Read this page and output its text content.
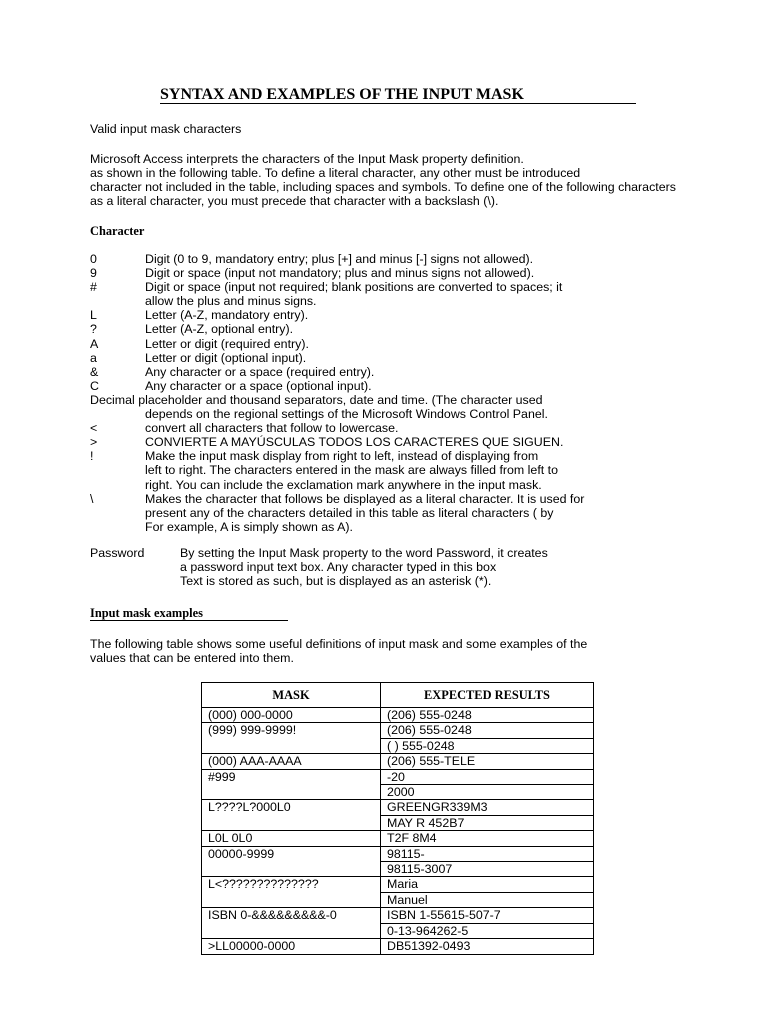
SYNTAX AND EXAMPLES OF THE INPUT MASK
Valid input mask characters
Microsoft Access interprets the characters of the Input Mask property definition.
as shown in the following table. To define a literal character, any other must be introduced
character not included in the table, including spaces and symbols. To define one of the following characters
as a literal character, you must precede that character with a backslash (\).
Character
0	Digit (0 to 9, mandatory entry; plus [+] and minus [-] signs not allowed).
9	Digit or space (input not mandatory; plus and minus signs not allowed).
#	Digit or space (input not required; blank positions are converted to spaces; it
allow the plus and minus signs.
L	Letter (A-Z, mandatory entry).
?	Letter (A-Z, optional entry).
A	Letter or digit (required entry).
a	Letter or digit (optional input).
&	Any character or a space (required entry).
C	Any character or a space (optional input).
Decimal placeholder and thousand separators, date and time. (The character used
depends on the regional settings of the Microsoft Windows Control Panel.
<	convert all characters that follow to lowercase.
>	CONVIERTE A MAYÚSCULAS TODOS LOS CARACTERES QUE SIGUEN.
!	Make the input mask display from right to left, instead of displaying from
left to right. The characters entered in the mask are always filled from left to
right. You can include the exclamation mark anywhere in the input mask.
\	Makes the character that follows be displayed as a literal character. It is used for
present any of the characters detailed in this table as literal characters ( by
For example, A is simply shown as A).
Password	By setting the Input Mask property to the word Password, it creates
a password input text box. Any character typed in this box
Text is stored as such, but is displayed as an asterisk (*).
Input mask examples
The following table shows some useful definitions of input mask and some examples of the
values that can be entered into them.
MASK	EXPECTED RESULTS
(000) 000-0000	(206) 555-0248
(999) 999-9999!	(206) 555-0248
	( ) 555-0248
(000) AAA-AAAA	(206) 555-TELE
#999	-20
	2000
L????L?000L0	GREENGR339M3
	MAY R 452B7
L0L 0L0	T2F 8M4
00000-9999	98115-
	98115-3007
L<??????????????	Maria
	Manuel
ISBN 0-&&&&&&&&&-0	ISBN 1-55615-507-7
	0-13-964262-5
>LL00000-0000	DB51392-0493
